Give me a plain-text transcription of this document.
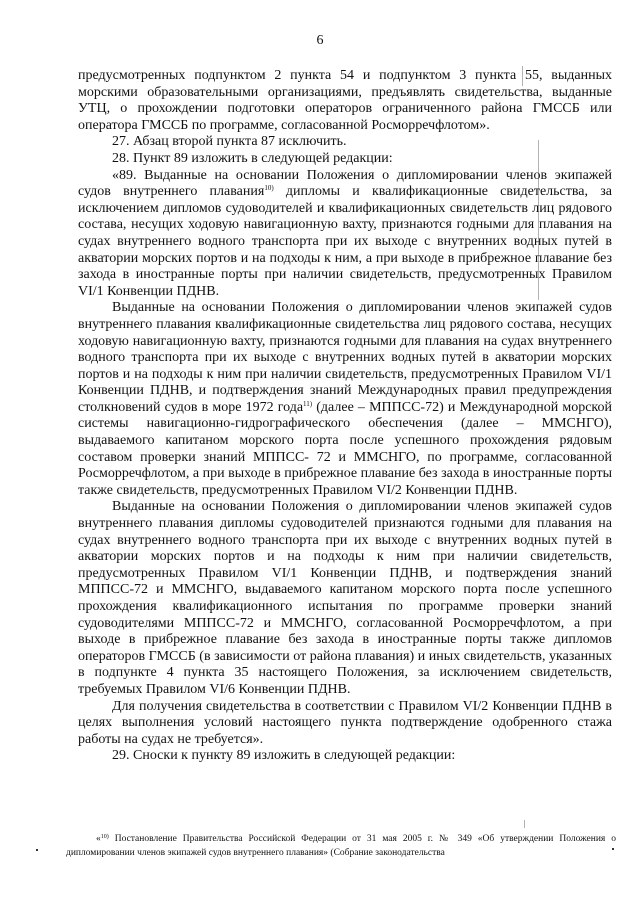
6

предусмотренных подпунктом 2 пункта 54 и подпунктом 3 пункта 55, выданных морскими образовательными организациями, предъявлять свидетельства, выданные УТЦ, о прохождении подготовки операторов ограниченного района ГМССБ или оператора ГМССБ по программе, согласованной Росморречфлотом».

27. Абзац второй пункта 87 исключить.

28. Пункт 89 изложить в следующей редакции:

«89. Выданные на основании Положения о дипломировании членов экипажей судов внутреннего плавания$^{10)}$ дипломы и квалификационные свидетельства, за исключением дипломов судоводителей и квалификационных свидетельств лиц рядового состава, несущих ходовую навигационную вахту, признаются годными для плавания на судах внутреннего водного транспорта при их выходе с внутренних водных путей в акватории морских портов и на подходы к ним, а при выходе в прибрежное плавание без захода в иностранные порты при наличии свидетельств, предусмотренных Правилом VI/1 Конвенции ПДНВ.

Выданные на основании Положения о дипломировании членов экипажей судов внутреннего плавания квалификационные свидетельства лиц рядового состава, несущих ходовую навигационную вахту, признаются годными для плавания на судах внутреннего водного транспорта при их выходе с внутренних водных путей в акватории морских портов и на подходы к ним при наличии свидетельств, предусмотренных Правилом VI/1 Конвенции ПДНВ, и подтверждения знаний Международных правил предупреждения столкновений судов в море 1972 года$^{11)}$ (далее – МППСС-72) и Международной морской системы навигационно-гидрографического обеспечения (далее – ММСНГО), выдаваемого капитаном морского порта после успешного прохождения рядовым составом проверки знаний МППСС- 72 и ММСНГО, по программе, согласованной Росморречфлотом, а при выходе в прибрежное плавание без захода в иностранные порты также свидетельств, предусмотренных Правилом VI/2 Конвенции ПДНВ.

Выданные на основании Положения о дипломировании членов экипажей судов внутреннего плавания дипломы судоводителей признаются годными для плавания на судах внутреннего водного транспорта при их выходе с внутренних водных путей в акватории морских портов и на подходы к ним при наличии свидетельств, предусмотренных Правилом VI/1 Конвенции ПДНВ, и подтверждения знаний МППСС-72 и ММСНГО, выдаваемого капитаном морского порта после успешного прохождения квалификационного испытания по программе проверки знаний судоводителями МППСС-72 и ММСНГО, согласованной Росморречфлотом, а при выходе в прибрежное плавание без захода в иностранные порты также дипломов операторов ГМССБ (в зависимости от района плавания) и иных свидетельств, указанных в подпункте 4 пункта 35 настоящего Положения, за исключением свидетельств, требуемых Правилом VI/6 Конвенции ПДНВ.

Для получения свидетельства в соответствии с Правилом VI/2 Конвенции ПДНВ в целях выполнения условий настоящего пункта подтверждение одобренного стажа работы на судах не требуется».

29. Сноски к пункту 89 изложить в следующей редакции:

«$^{10)}$ Постановление Правительства Российской Федерации от 31 мая 2005 г. № 349 «Об утверждении Положения о дипломировании членов экипажей судов внутреннего плавания» (Собрание законодательства
